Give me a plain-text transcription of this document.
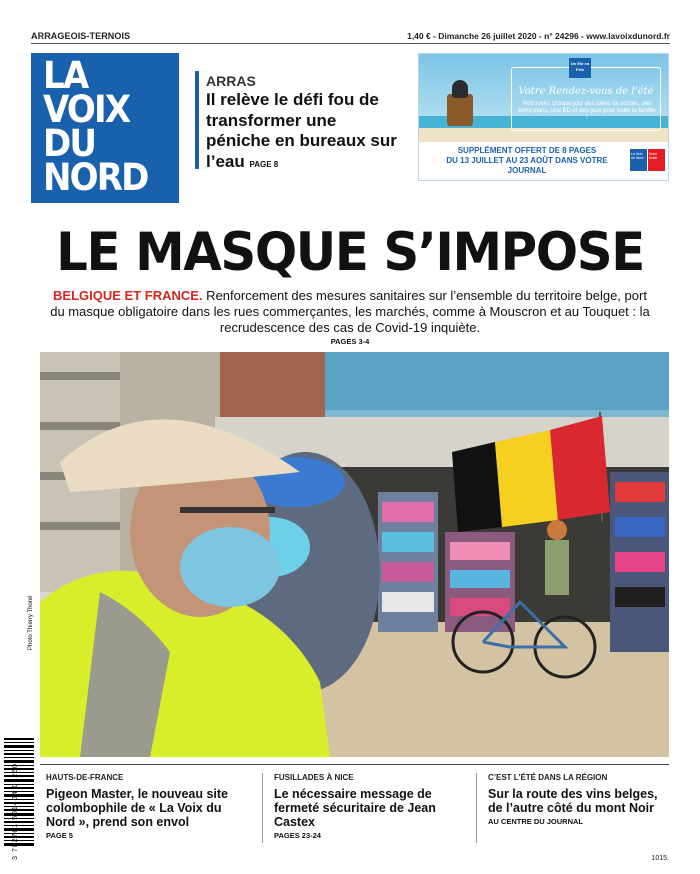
ARRAGEOIS-TERNOIS	1,40 € - Dimanche 26 juillet 2020 - n° 24296 - www.lavoixdunord.fr
LA
VOIX
DU
NORD
ARRAS
Il relève le défi fou de transformer une péniche en bureaux sur l’eau PAGE 8
Un Été en Fête
Votre Rendez-vous de l’été
Retrouvez chaque jour des idées de sorties, des bons plans, une BD et des jeux pour toute la famille !
SUPPLÉMENT OFFERT DE 8 PAGES
DU 13 JUILLET AU 23 AOÛT DANS VOTRE JOURNAL
La Voix du Nord
Nord éclair
LE MASQUE S’IMPOSE
BELGIQUE ET FRANCE. Renforcement des mesures sanitaires sur l’ensemble du territoire belge, port du masque obligatoire dans les rues commerçantes, les marchés, comme à Mouscron et au Touquet : la recrudescence des cas de Covid-19 inquiète.
PAGES 3-4
Photo Thierry Thorel
3 782761 501404 07260	HAUTS-DE-FRANCE
Pigeon Master, le nouveau site colombophile de « La Voix du Nord », prend son envol
PAGE 5
FUSILLADES À NICE
Le nécessaire message de fermeté sécuritaire de Jean Castex
PAGES 23-24
C’EST L’ÉTÉ DANS LA RÉGION
Sur la route des vins belges, de l’autre côté du mont Noir
AU CENTRE DU JOURNAL
1015.
